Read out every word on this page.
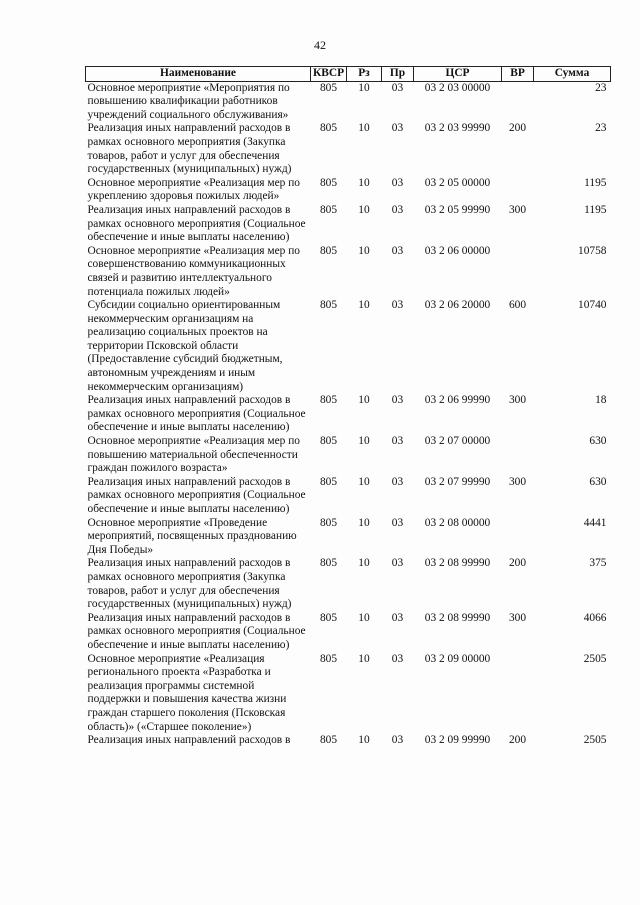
42
Наименование	КВСР	Рз	Пр	ЦСР	ВР	Сумма
Основное мероприятие «Мероприятия по повышению квалификации работников учреждений социального обслуживания»	805	10	03	03 2 03 00000		23
Реализация иных направлений расходов в рамках основного мероприятия (Закупка товаров, работ и услуг для обеспечения государственных (муниципальных) нужд)	805	10	03	03 2 03 99990	200	23
Основное мероприятие «Реализация мер по укреплению здоровья пожилых людей»	805	10	03	03 2 05 00000		1195
Реализация иных направлений расходов в рамках основного мероприятия (Социальное обеспечение и иные выплаты населению)	805	10	03	03 2 05 99990	300	1195
Основное мероприятие «Реализация мер по совершенствованию коммуникационных связей и развитию интеллектуального потенциала пожилых людей»	805	10	03	03 2 06 00000		10758
Субсидии социально ориентированным некоммерческим организациям на реализацию социальных проектов на территории Псковской области (Предоставление субсидий бюджетным, автономным учреждениям и иным некоммерческим организациям)	805	10	03	03 2 06 20000	600	10740
Реализация иных направлений расходов в рамках основного мероприятия (Социальное обеспечение и иные выплаты населению)	805	10	03	03 2 06 99990	300	18
Основное мероприятие «Реализация мер по повышению материальной обеспеченности граждан пожилого возраста»	805	10	03	03 2 07 00000		630
Реализация иных направлений расходов в рамках основного мероприятия (Социальное обеспечение и иные выплаты населению)	805	10	03	03 2 07 99990	300	630
Основное мероприятие «Проведение мероприятий, посвященных празднованию Дня Победы»	805	10	03	03 2 08 00000		4441
Реализация иных направлений расходов в рамках основного мероприятия (Закупка товаров, работ и услуг для обеспечения государственных (муниципальных) нужд)	805	10	03	03 2 08 99990	200	375
Реализация иных направлений расходов в рамках основного мероприятия (Социальное обеспечение и иные выплаты населению)	805	10	03	03 2 08 99990	300	4066
Основное мероприятие «Реализация регионального проекта «Разработка и реализация программы системной поддержки и повышения качества жизни граждан старшего поколения (Псковская область)» («Старшее поколение»)	805	10	03	03 2 09 00000		2505
Реализация иных направлений расходов в	805	10	03	03 2 09 99990	200	2505
